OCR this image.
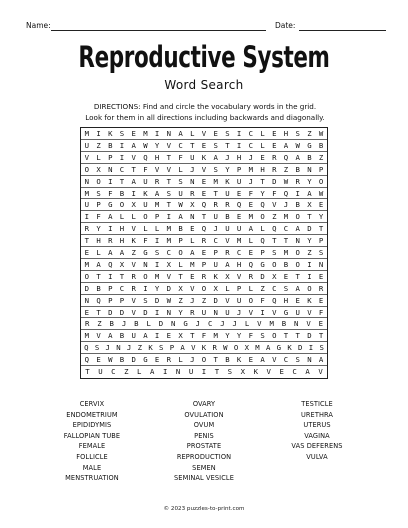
Name:	Date:
Reproductive System
Word Search
DIRECTIONS: Find and circle the vocabulary words in the grid.
Look for them in all directions including backwards and diagonally.
M I	K	S E	M	I	N A	L	V E	S	I	C L	E	H S	Z	W
U Z	B	I A	W	Y	V C	T	E S	T	I	C L	E	A W	G	B
V L	P	I V	Q	H	T F	U	K A	J	H	J E	R	Q A	B	Z
O X	N	C T	F	V	V L	J	V S	Y	P	M H	R	Z B	N	P
N O	I	T A	U	R	T S	N	E M	K	U	J T	D	W R	Y	O
M S	F	B I	K	A	S U	R	E T	U	E	F Y	F	Q I	A	W
U P	G	O X	U	M	T W	X	Q R	R	Q	E Q	V	J B	X	E
I F	A	L L	O	P	I A	N	T U	B	E	M O	Z	M O	T	Y
R Y	I	H V	L	L	M B	E	Q J	U	U	A L	Q	C A	D	T
T H	R	H K	F	I	M P	L	R C	V	M	L Q	T	T N	Y	P
E L	A	A Z	G	S	C O	A	E P	R	C	E P	S	M O	Z	S
M A	Q	X V	N	I	X L	M	P U	A	H	Q G	O	B O	I	N
O T	I	T R	O	M	V T	E	R K	X	V	R D	X	E T	I	E
D B	P	C R	I	Y	D X	V	O X	L	P	L Z	C	S A	O	R
N Q	P	P V	S	D	W Z	J	Z D	V	U	O F	Q	H E	K	E
E T	D	D V	D	I	N Y	R	U N	U	J	V I	V	G U	V	F
R	Z	B	J	B	L	D	N	G	J	C	J	J	L	V	M	B	N	V	E
M V	A	B U	A	I	E X	T	F M	Y	Y	F S	O	T T	D	T
Q S J N J Z K S P A V K R W O X M A G K D I S
Q E	W	B D	G	E	R L	J	O T	B	K	E A	V	C S	N	A
T	U	C	Z	L	A	I	N	U	I	T	S	X	K	V	E	C	A	V
CERVIX
ENDOMETRIUM
EPIDIDYMIS
FALLOPIAN TUBE
FEMALE
FOLLICLE
MALE
MENSTRUATION
OVARY
OVULATION
OVUM
PENIS
PROSTATE
REPRODUCTION
SEMEN
SEMINAL VESICLE
TESTICLE
URETHRA
UTERUS
VAGINA
VAS DEFERENS
VULVA
© 2023 puzzles-to-print.com
